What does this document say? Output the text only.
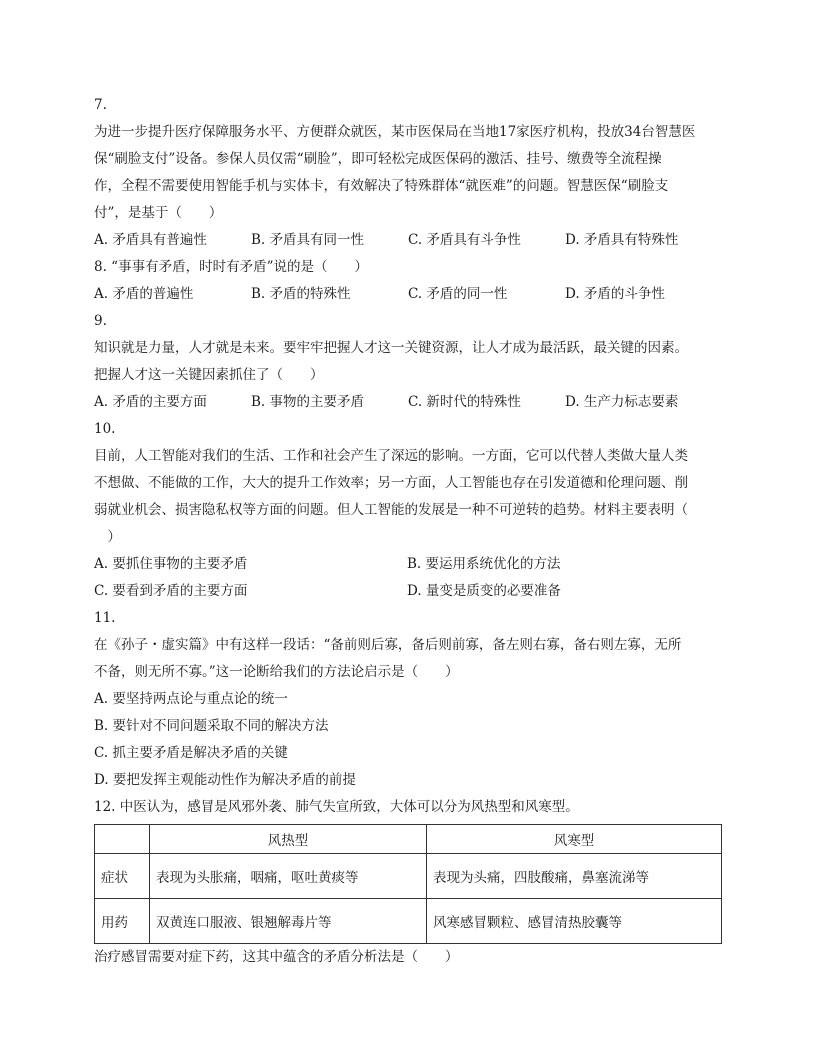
7.
为进一步提升医疗保障服务水平、方便群众就医，某市医保局在当地17家医疗机构，投放34台智慧医
保“刷脸支付”设备。参保人员仅需“刷脸”，即可轻松完成医保码的激活、挂号、缴费等全流程操
作，全程不需要使用智能手机与实体卡，有效解决了特殊群体“就医难”的问题。智慧医保“刷脸支
付”，是基于（　　）
A. 矛盾具有普遍性	B. 矛盾具有同一性	C. 矛盾具有斗争性	D. 矛盾具有特殊性
8. “事事有矛盾，时时有矛盾”说的是（　　）
A. 矛盾的普遍性	B. 矛盾的特殊性	C. 矛盾的同一性	D. 矛盾的斗争性
9.
知识就是力量，人才就是未来。要牢牢把握人才这一关键资源，让人才成为最活跃，最关键的因素。
把握人才这一关键因素抓住了（　　）
A. 矛盾的主要方面	B. 事物的主要矛盾	C. 新时代的特殊性	D. 生产力标志要素
10.
目前，人工智能对我们的生活、工作和社会产生了深远的影响。一方面，它可以代替人类做大量人类
不想做、不能做的工作，大大的提升工作效率；另一方面，人工智能也存在引发道德和伦理问题、削
弱就业机会、损害隐私权等方面的问题。但人工智能的发展是一种不可逆转的趋势。材料主要表明（
　）
A. 要抓住事物的主要矛盾	B. 要运用系统优化的方法
C. 要看到矛盾的主要方面	D. 量变是质变的必要准备
11.
在《孙子・虚实篇》中有这样一段话：“备前则后寡，备后则前寡，备左则右寡，备右则左寡，无所
不备，则无所不寡。”这一论断给我们的方法论启示是（　　）
A. 要坚持两点论与重点论的统一
B. 要针对不同问题采取不同的解决方法
C. 抓主要矛盾是解决矛盾的关键
D. 要把发挥主观能动性作为解决矛盾的前提
12. 中医认为，感冒是风邪外袭、肺气失宣所致，大体可以分为风热型和风寒型。
	风热型	风寒型
症状	表现为头胀痛，咽痛，呕吐黄痰等	表现为头痛，四肢酸痛，鼻塞流涕等
用药	双黄连口服液、银翘解毒片等	风寒感冒颗粒、感冒清热胶囊等
治疗感冒需要对症下药，这其中蕴含的矛盾分析法是（　　）
